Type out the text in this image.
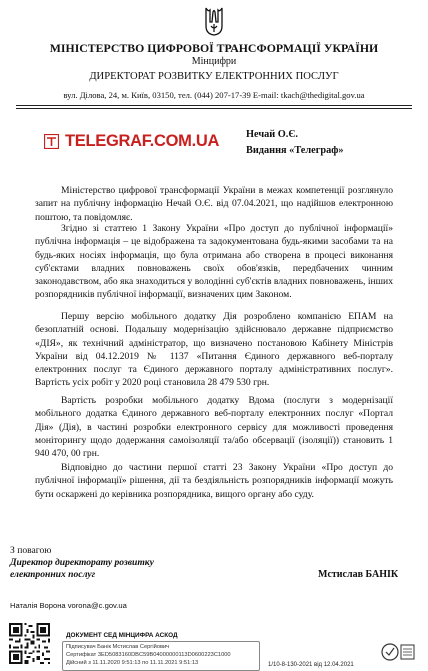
МІНІСТЕРСТВО ЦИФРОВОЇ ТРАНСФОРМАЦІЇ УКРАЇНИ
Мінцифри
ДИРЕКТОРАТ РОЗВИТКУ ЕЛЕКТРОННИХ ПОСЛУГ
вул. Ділова, 24, м. Київ, 03150, тел. (044) 207-17-39 E-mail: tkach@thedigital.gov.ua
TELEGRAF.COM.UA	Нечай О.Є.
Видання «Телеграф»

Міністерство цифрової трансформації України в межах компетенції розглянуло запит на публічну інформацію Нечай О.Є. від 07.04.2021, що надійшов електронною поштою, та повідомляє.

Згідно зі статтею 1 Закону України «Про доступ до публічної інформації» публічна інформація – це відображена та задокументована будь-якими засобами та на будь-яких носіях інформація, що була отримана або створена в процесі виконання суб'єктами владних повноважень своїх обов'язків, передбачених чинним законодавством, або яка знаходиться у володінні суб'єктів владних повноважень, інших розпорядників публічної інформації, визначених цим Законом.

Першу версію мобільного додатку Дія розроблено компанією ЕПАМ на безоплатній основі. Подальшу модернізацію здійснювало державне підприємство «ДІЯ», як технічний адміністратор, що визначено постановою Кабінету Міністрів України від 04.12.2019 № 1137 «Питання Єдиного державного веб-порталу електронних послуг та Єдиного державного порталу адміністративних послуг». Вартість усіх робіт у 2020 році становила 28 479 530 грн.

Вартість розробки мобільного додатку Вдома (послуги з модернізації мобільного додатка Єдиного державного веб-порталу електронних послуг «Портал Дія» (Дія), в частині розробки електронного сервісу для можливості проведення моніторингу щодо додержання самоізоляції та/або обсервації (ізоляції)) становить 1 940 470, 00 грн.

Відповідно до частини першої статті 23 Закону України «Про доступ до публічної інформації» рішення, дії та бездіяльність розпорядників інформації можуть бути оскаржені до керівника розпорядника, вищого органу або суду.

З повагою
Директор директорату розвитку
електронних послуг	Мстислав БАНІК
Наталія Ворона vorona@c.gov.ua
ДОКУМЕНТ СЕД МІНЦИФРА АСКОД
Підписувач Банік Мстислав Сергійович
Сертифікат 3ED5083160DBC59B04000000113D0600223C1000
Дійсний з 11.11.2020 9:51:13 по 11.11.2021 9:51:13	1/10-8-130-2021 від 12.04.2021
